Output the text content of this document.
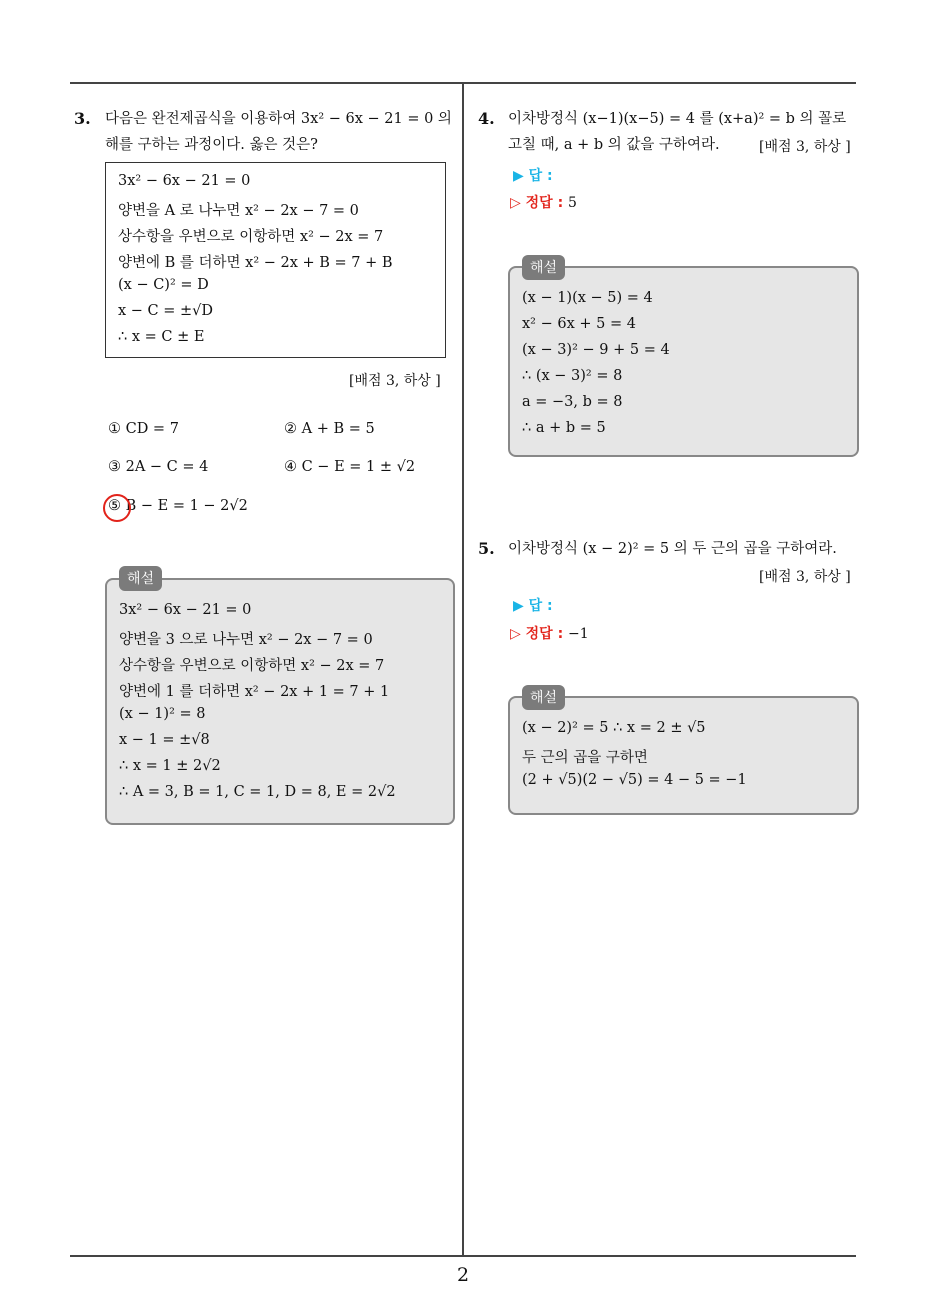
3. 다음은 완전제곱식을 이용하여 3x² − 6x − 21 = 0 의
해를 구하는 과정이다. 옳은 것은?
3x² − 6x − 21 = 0
양변을 A 로 나누면 x² − 2x − 7 = 0
상수항을 우변으로 이항하면 x² − 2x = 7
양변에 B 를 더하면 x² − 2x + B = 7 + B
(x − C)² = D
x − C = ±√D
∴ x = C ± E
[배점 3, 하상 ]
① CD = 7	② A + B = 5
③ 2A − C = 4	④ C − E = 1 ± √2
⑤ B − E = 1 − 2√2
3x² − 6x − 21 = 0
양변을 3 으로 나누면 x² − 2x − 7 = 0
상수항을 우변으로 이항하면 x² − 2x = 7
양변에 1 를 더하면 x² − 2x + 1 = 7 + 1
(x − 1)² = 8
x − 1 = ±√8
∴ x = 1 ± 2√2
∴ A = 3, B = 1, C = 1, D = 8, E = 2√2
해설
4. 이차방정식 (x−1)(x−5) = 4 를 (x+a)² = b 의 꼴로
고칠 때, a + b 의 값을 구하여라.	[배점 3, 하상 ]
▶ 답 :
▷ 정답 : 5
(x − 1)(x − 5) = 4
x² − 6x + 5 = 4
(x − 3)² − 9 + 5 = 4
∴ (x − 3)² = 8
a = −3, b = 8
∴ a + b = 5
해설
5. 이차방정식 (x − 2)² = 5 의 두 근의 곱을 구하여라.
[배점 3, 하상 ]
▶ 답 :
▷ 정답 : −1
(x − 2)² = 5 ∴ x = 2 ± √5
두 근의 곱을 구하면
(2 + √5)(2 − √5) = 4 − 5 = −1
해설
2
